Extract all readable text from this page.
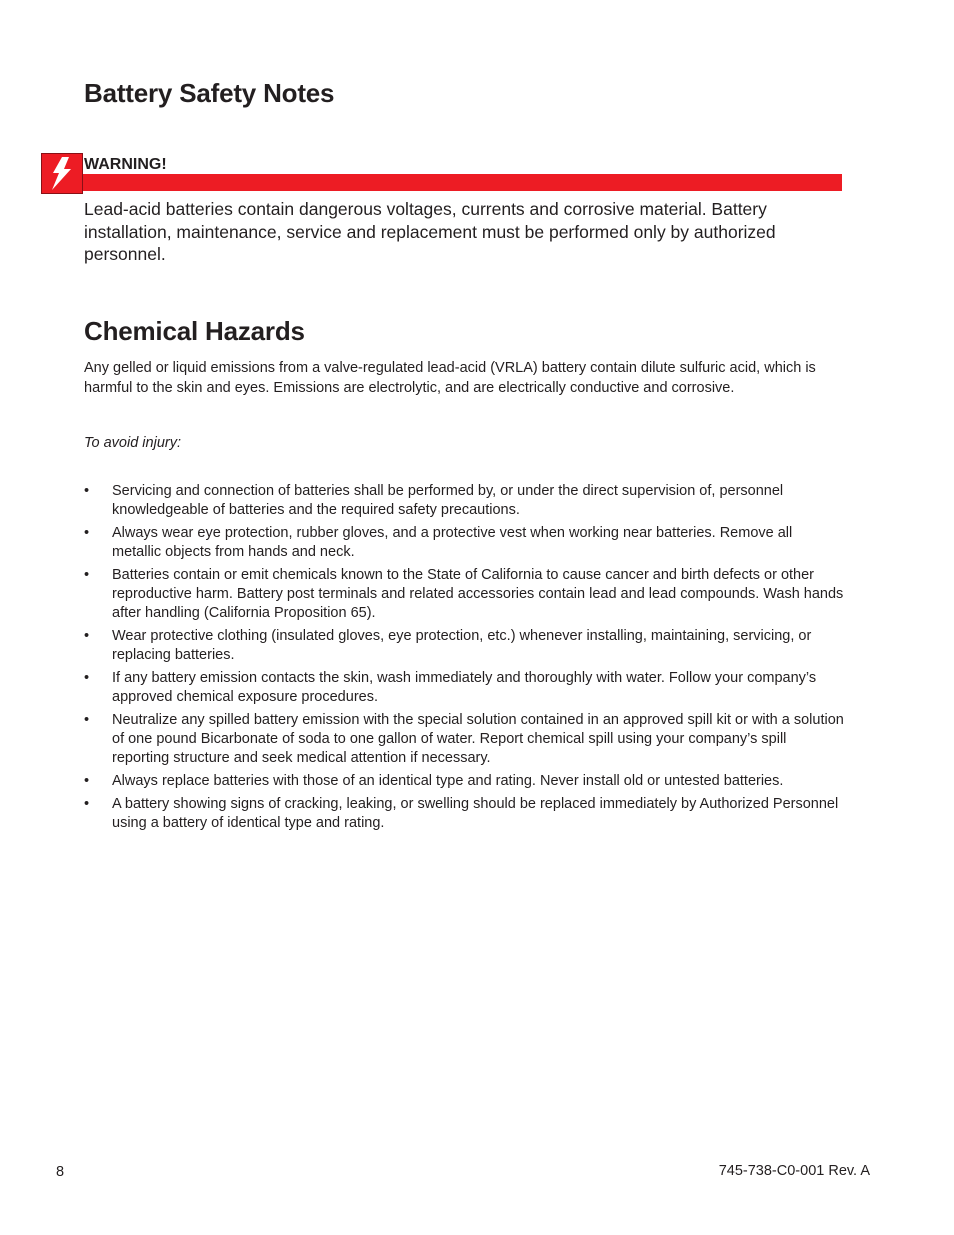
Battery Safety Notes
WARNING!

Lead-acid batteries contain dangerous voltages, currents and corrosive material. Battery installation, maintenance, service and replacement must be performed only by authorized personnel.

Chemical Hazards

Any gelled or liquid emissions from a valve-regulated lead-acid (VRLA) battery contain dilute sulfuric acid, which is harmful to the skin and eyes. Emissions are electrolytic, and are electrically conductive and corrosive.

To avoid injury:

• Servicing and connection of batteries shall be performed by, or under the direct supervision of, personnel knowledgeable of batteries and the required safety precautions.
• Always wear eye protection, rubber gloves, and a protective vest when working near batteries. Remove all metallic objects from hands and neck.
• Batteries contain or emit chemicals known to the State of California to cause cancer and birth defects or other reproductive harm. Battery post terminals and related accessories contain lead and lead compounds. Wash hands after handling (California Proposition 65).
• Wear protective clothing (insulated gloves, eye protection, etc.) whenever installing, maintaining, servicing, or replacing batteries.
• If any battery emission contacts the skin, wash immediately and thoroughly with water. Follow your company’s approved chemical exposure procedures.
• Neutralize any spilled battery emission with the special solution contained in an approved spill kit or with a solution of one pound Bicarbonate of soda to one gallon of water. Report chemical spill using your company’s spill reporting structure and seek medical attention if necessary.
• Always replace batteries with those of an identical type and rating. Never install old or untested batteries.
• A battery showing signs of cracking, leaking, or swelling should be replaced immediately by Authorized Personnel using a battery of identical type and rating.
8	745-738-C0-001 Rev. A
